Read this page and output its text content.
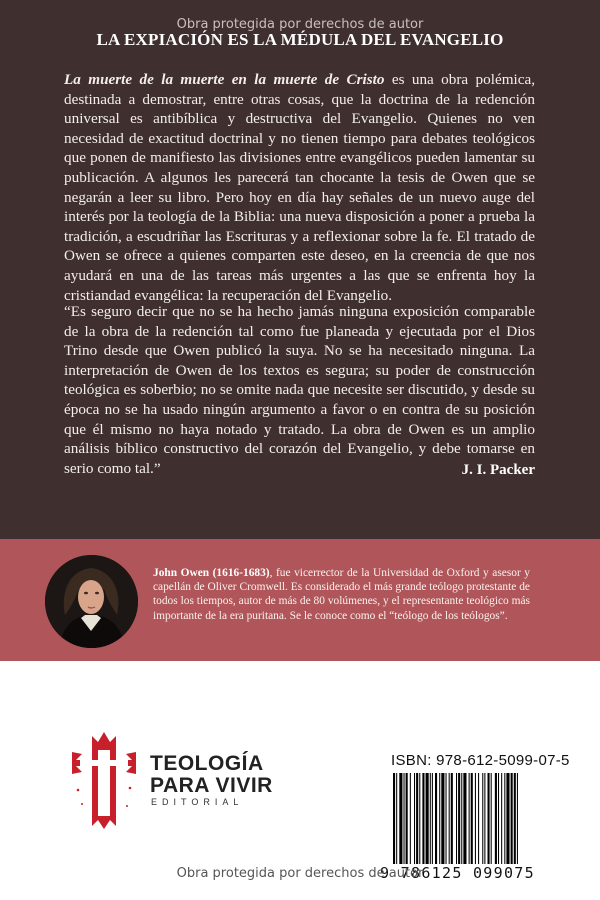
Obra protegida por derechos de autor
LA EXPIACIÓN ES LA MÉDULA DEL EVANGELIO

La muerte de la muerte en la muerte de Cristo es una obra polémica, destinada a demostrar, entre otras cosas, que la doctrina de la redención universal es antibíblica y destructiva del Evangelio. Quienes no ven necesidad de exactitud doctrinal y no tienen tiempo para debates teológicos que ponen de manifiesto las divisiones entre evangélicos pueden lamentar su publicación. A algunos les parecerá tan chocante la tesis de Owen que se negarán a leer su libro. Pero hoy en día hay señales de un nuevo auge del interés por la teología de la Biblia: una nueva disposición a poner a prueba la tradición, a escudriñar las Escrituras y a reflexionar sobre la fe. El tratado de Owen se ofrece a quienes comparten este deseo, en la creencia de que nos ayudará en una de las tareas más urgentes a las que se enfrenta hoy la cristiandad evangélica: la recuperación del Evangelio.

“Es seguro decir que no se ha hecho jamás ninguna exposición comparable de la obra de la redención tal como fue planeada y ejecutada por el Dios Trino desde que Owen publicó la suya. No se ha necesitado ninguna. La interpretación de Owen de los textos es segura; su poder de construcción teológica es soberbio; no se omite nada que necesite ser discutido, y desde su época no se ha usado ningún argumento a favor o en contra de su posición que él mismo no haya notado y tratado. La obra de Owen es un amplio análisis bíblico constructivo del corazón del Evangelio, y debe tomarse en serio como tal.”	J. I. Packer

John Owen (1616-1683), fue vicerrector de la Universidad de Oxford y asesor y capellán de Oliver Cromwell. Es considerado el más grande teólogo protestante de todos los tiempos, autor de más de 80 volúmenes, y el representante teológico más importante de la era puritana. Se le conoce como el “teólogo de los teólogos”.

TEOLOGÍA
PARA VIVIR
EDITORIAL
ISBN: 978-612-5099-07-5
9 786125 099075
Obra protegida por derechos de autor
